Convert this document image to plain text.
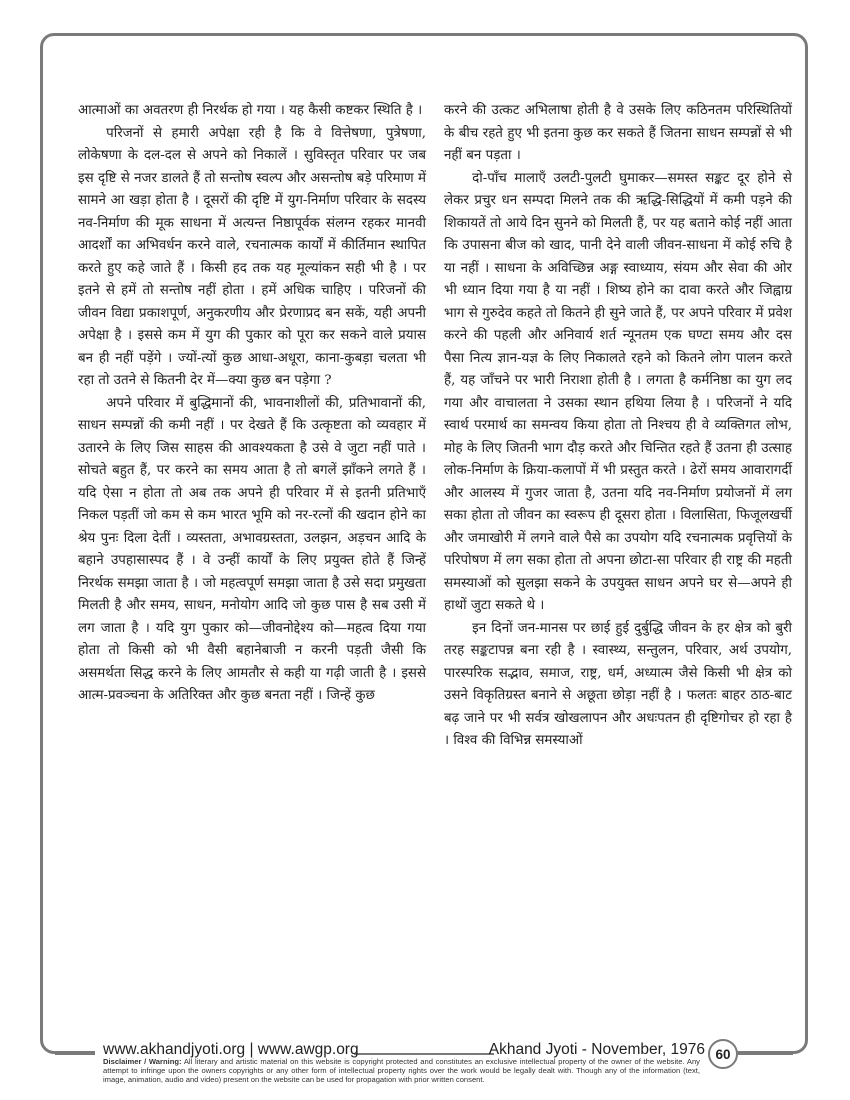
आत्माओं का अवतरण ही निरर्थक हो गया । यह कैसी कष्टकर स्थिति है ।

परिजनों से हमारी अपेक्षा रही है कि वे वित्तेषणा, पुत्रेषणा, लोकेषणा के दल-दल से अपने को निकालें । सुविस्तृत परिवार पर जब इस दृष्टि से नजर डालते हैं तो सन्तोष स्वल्प और असन्तोष बड़े परिमाण में सामने आ खड़ा होता है । दूसरों की दृष्टि में युग-निर्माण परिवार के सदस्य नव-निर्माण की मूक साधना में अत्यन्त निष्ठापूर्वक संलग्न रहकर मानवी आदर्शों का अभिवर्धन करने वाले, रचनात्मक कार्यों में कीर्तिमान स्थापित करते हुए कहे जाते हैं । किसी हद तक यह मूल्यांकन सही भी है । पर इतने से हमें तो सन्तोष नहीं होता । हमें अधिक चाहिए । परिजनों की जीवन विद्या प्रकाशपूर्ण, अनुकरणीय और प्रेरणाप्रद बन सकें, यही अपनी अपेक्षा है । इससे कम में युग की पुकार को पूरा कर सकने वाले प्रयास बन ही नहीं पड़ेंगे । ज्यों-त्यों कुछ आधा-अधूरा, काना-कुबड़ा चलता भी रहा तो उतने से कितनी देर में—क्या कुछ बन पड़ेगा ?

अपने परिवार में बुद्धिमानों की, भावनाशीलों की, प्रतिभावानों की, साधन सम्पन्नों की कमी नहीं । पर देखते हैं कि उत्कृष्टता को व्यवहार में उतारने के लिए जिस साहस की आवश्यकता है उसे वे जुटा नहीं पाते । सोचते बहुत हैं, पर करने का समय आता है तो बगलें झाँकने लगते हैं । यदि ऐसा न होता तो अब तक अपने ही परिवार में से इतनी प्रतिभाएँ निकल पड़तीं जो कम से कम भारत भूमि को नर-रत्नों की खदान होने का श्रेय पुनः दिला देतीं । व्यस्तता, अभावग्रस्तता, उलझन, अड़चन आदि के बहाने उपहासास्पद हैं । वे उन्हीं कार्यों के लिए प्रयुक्त होते हैं जिन्हें निरर्थक समझा जाता है । जो महत्वपूर्ण समझा जाता है उसे सदा प्रमुखता मिलती है और समय, साधन, मनोयोग आदि जो कुछ पास है सब उसी में लग जाता है । यदि युग पुकार को—जीवनोद्देश्य को—महत्व दिया गया होता तो किसी को भी वैसी बहानेबाजी न करनी पड़ती जैसी कि असमर्थता सिद्ध करने के लिए आमतौर से कही या गढ़ी जाती है । इससे आत्म-प्रवञ्चना के अतिरिक्त और कुछ बनता नहीं । जिन्हें कुछ

करने की उत्कट अभिलाषा होती है वे उसके लिए कठिनतम परिस्थितियों के बीच रहते हुए भी इतना कुछ कर सकते हैं जितना साधन सम्पन्नों से भी नहीं बन पड़ता ।

दो-पाँच मालाएँ उलटी-पुलटी घुमाकर—समस्त सङ्कट दूर होने से लेकर प्रचुर धन सम्पदा मिलने तक की ऋद्धि-सिद्धियों में कमी पड़ने की शिकायतें तो आये दिन सुनने को मिलती हैं, पर यह बताने कोई नहीं आता कि उपासना बीज को खाद, पानी देने वाली जीवन-साधना में कोई रुचि है या नहीं । साधना के अविच्छिन्न अङ्ग स्वाध्याय, संयम और सेवा की ओर भी ध्यान दिया गया है या नहीं । शिष्य होने का दावा करते और जिह्वाग्र भाग से गुरुदेव कहते तो कितने ही सुने जाते हैं, पर अपने परिवार में प्रवेश करने की पहली और अनिवार्य शर्त न्यूनतम एक घण्टा समय और दस पैसा नित्य ज्ञान-यज्ञ के लिए निकालते रहने को कितने लोग पालन करते हैं, यह जाँचने पर भारी निराशा होती है । लगता है कर्मनिष्ठा का युग लद गया और वाचालता ने उसका स्थान हथिया लिया है । परिजनों ने यदि स्वार्थ परमार्थ का समन्वय किया होता तो निश्चय ही वे व्यक्तिगत लोभ, मोह के लिए जितनी भाग दौड़ करते और चिन्तित रहते हैं उतना ही उत्साह लोक-निर्माण के क्रिया-कलापों में भी प्रस्तुत करते । ढेरों समय आवारागर्दी और आलस्य में गुजर जाता है, उतना यदि नव-निर्माण प्रयोजनों में लग सका होता तो जीवन का स्वरूप ही दूसरा होता । विलासिता, फिजूलखर्ची और जमाखोरी में लगने वाले पैसे का उपयोग यदि रचनात्मक प्रवृत्तियों के परिपोषण में लग सका होता तो अपना छोटा-सा परिवार ही राष्ट्र की महती समस्याओं को सुलझा सकने के उपयुक्त साधन अपने घर से—अपने ही हाथों जुटा सकते थे ।

इन दिनों जन-मानस पर छाई हुई दुर्बुद्धि जीवन के हर क्षेत्र को बुरी तरह सङ्कटापन्न बना रही है । स्वास्थ्य, सन्तुलन, परिवार, अर्थ उपयोग, पारस्परिक सद्भाव, समाज, राष्ट्र, धर्म, अध्यात्म जैसे किसी भी क्षेत्र को उसने विकृतिग्रस्त बनाने से अछूता छोड़ा नहीं है । फलतः बाहर ठाठ-बाट बढ़ जाने पर भी सर्वत्र खोखलापन और अधःपतन ही दृष्टिगोचर हो रहा है । विश्व की विभिन्न समस्याओं

www.akhandjyoti.org | www.awgp.org	Akhand Jyoti - November, 1976 60
Disclaimer / Warning: All literary and artistic material on this website is copyright protected and constitutes an exclusive intellectual property of the owner of the website. Any attempt to infringe upon the owners copyrights or any other form of intellectual property rights over the work would be legally dealt with. Though any of the information (text, image, animation, audio and video) present on the website can be used for propagation with prior written consent.
